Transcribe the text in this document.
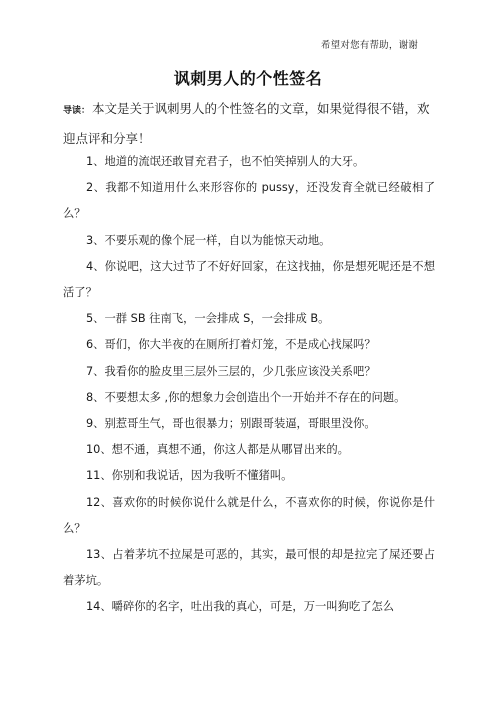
希望对您有帮助，谢谢
讽刺男人的个性签名
导读： 本文是关于讽刺男人的个性签名的文章，如果觉得很不错，欢迎点评和分享！

1、地道的流氓还敢冒充君子，也不怕笑掉别人的大牙。

2、我都不知道用什么来形容你的 pussy，还没发育全就已经破相了么？

3、不要乐观的像个屁一样，自以为能惊天动地。

4、你说吧，这大过节了不好好回家，在这找抽，你是想死呢还是不想活了？

5、一群 SB 往南飞，一会排成 S，一会排成 B。

6、哥们，你大半夜的在厕所打着灯笼，不是成心找屎吗？

7、我看你的脸皮里三层外三层的，少几张应该没关系吧？

8、不要想太多 ,你的想象力会创造出个一开始并不存在的问题。

9、别惹哥生气，哥也很暴力；别跟哥装逼，哥眼里没你。

10、想不通，真想不通，你这人都是从哪冒出来的。

11、你别和我说话，因为我听不懂猪叫。

12、喜欢你的时候你说什么就是什么，不喜欢你的时候，你说你是什么？

13、占着茅坑不拉屎是可恶的，其实，最可恨的却是拉完了屎还要占着茅坑。

14、嚼碎你的名字，吐出我的真心，可是，万一叫狗吃了怎么
